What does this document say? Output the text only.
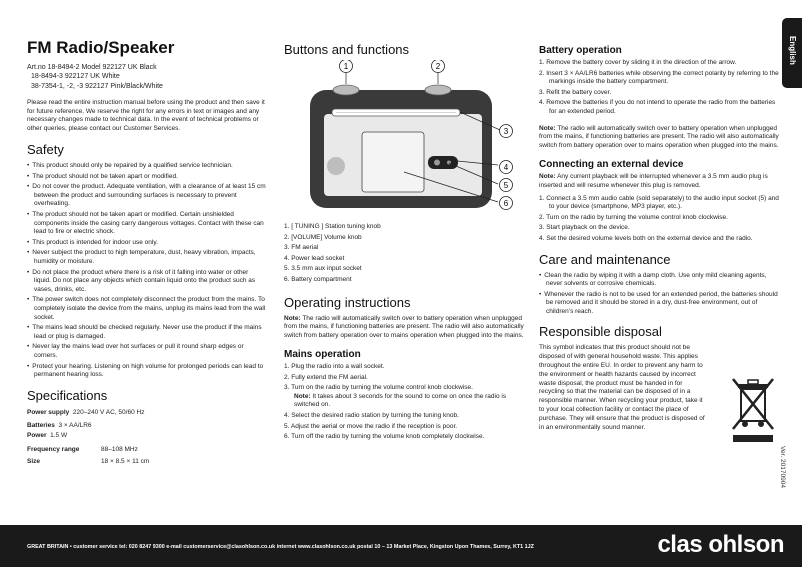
English
FM Radio/Speaker
Art.no 18-8494-2 Model 922127 UK Black
18-8494-3 922127 UK White
38-7354-1, -2, -3 922127 Pink/Black/White

Please read the entire instruction manual before using the product and then save it for future reference. We reserve the right for any errors in text or images and any necessary changes made to technical data. In the event of technical problems or other queries, please contact our Customer Services.

Safety
• This product should only be repaired by a qualified service technician.
• The product should not be taken apart or modified.
• Do not cover the product. Adequate ventilation, with a clearance of at least 15 cm between the product and surrounding surfaces is necessary to prevent overheating.
• The product should not be taken apart or modified. Certain unshielded components inside the casing carry dangerous voltages. Contact with these can lead to fire or electric shock.
• This product is intended for indoor use only.
• Never subject the product to high temperature, dust, heavy vibration, impacts, humidity or moisture.
• Do not place the product where there is a risk of it falling into water or other liquid. Do not place any objects which contain liquid onto the product such as vases, drinks, etc.
• The power switch does not completely disconnect the product from the mains. To completely isolate the device from the mains, unplug its mains lead from the wall socket.
• The mains lead should be checked regularly. Never use the product if the mains lead or plug is damaged.
• Never lay the mains lead over hot surfaces or pull it round sharp edges or corners.
• Protect your hearing. Listening on high volume for prolonged periods can lead to permanent hearing loss.
Specifications
Power supply 220–240 V AC, 50/60 Hz
Batteries 3 × AA/LR6
Power 1.5 W
Frequency range	88–108 MHz
Size	18 × 8.5 × 11 cm
Buttons and functions
1	2
3
4
5
6
1. [ TUNING ] Station tuning knob
2. [VOLUME] Volume knob
3. FM aerial
4. Power lead socket
5. 3.5 mm aux input socket
6. Battery compartment
Operating instructions

Note: The radio will automatically switch over to battery operation when unplugged from the mains, if functioning batteries are present. The radio will also automatically switch from battery operation over to mains operation when plugged into the mains.

Mains operation
1. Plug the radio into a wall socket.
2. Fully extend the FM aerial.
3. Turn on the radio by turning the volume control knob clockwise.
Note: It takes about 3 seconds for the sound to come on once the radio is switched on.
4. Select the desired radio station by turning the tuning knob.
5. Adjust the aerial or move the radio if the reception is poor.
6. Turn off the radio by turning the volume knob completely clockwise.
Battery operation
1. Remove the battery cover by sliding it in the direction of the arrow.
2. Insert 3 × AA/LR6 batteries while observing the correct polarity by referring to the markings inside the battery compartment.
3. Refit the battery cover.
4. Remove the batteries if you do not intend to operate the radio from the batteries for an extended period.

Note: The radio will automatically switch over to battery operation when unplugged from the mains, if functioning batteries are present. The radio will also automatically switch from battery operation over to mains operation when plugged into the mains.

Connecting an external device

Note: Any current playback will be interrupted whenever a 3.5 mm audio plug is inserted and will resume whenever this plug is removed.

1. Connect a 3.5 mm audio cable (sold separately) to the audio input socket (5) and to your device (smartphone, MP3 player, etc.).
2. Turn on the radio by turning the volume control knob clockwise.
3. Start playback on the device.
4. Set the desired volume levels both on the external device and the radio.
Care and maintenance
• Clean the radio by wiping it with a damp cloth. Use only mild cleaning agents, never solvents or corrosive chemicals.
• Whenever the radio is not to be used for an extended period, the batteries should be removed and it should be stored in a dry, dust-free environment, out of children’s reach.
Responsible disposal

This symbol indicates that this product should not be disposed of with general household waste. This applies throughout the entire EU. In order to prevent any harm to the environment or health hazards caused by incorrect waste disposal, the product must be handed in for recycling so that the material can be disposed of in a responsible manner. When recycling your product, take it to your local collection facility or contact the place of purchase. They will ensure that the product is disposed of in an environmentally sound manner.

Ver. 20170904
GREAT BRITAIN • customer service tel: 020 8247 9300 e-mail customerservice@clasohlson.co.uk internet www.clasohlson.co.uk postal 10 – 13 Market Place, Kingston Upon Thames, Surrey, KT1 1JZ	clas ohlson
